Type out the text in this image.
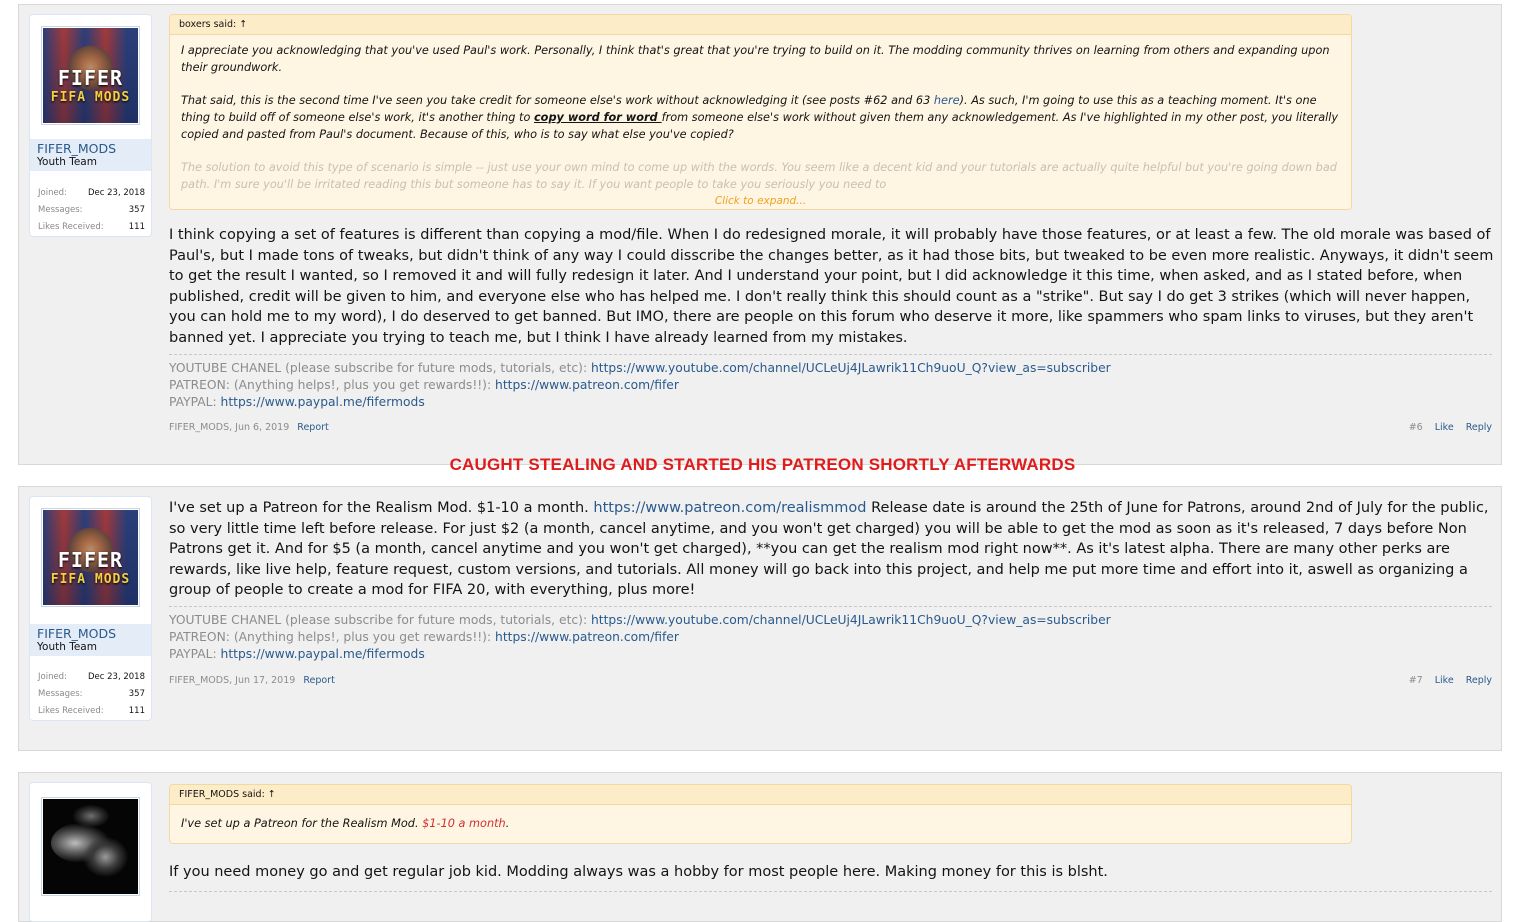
FIFER
FIFA MODS
FIFER_MODS
Youth Team
Joined: Dec 23, 2018
Messages:	357
Likes Received:	111
boxers said: ↑

I appreciate you acknowledging that you've used Paul's work. Personally, I think that's great that you're trying to build on it. The modding community thrives on learning from others and expanding upon their groundwork.

That said, this is the second time I've seen you take credit for someone else's work without acknowledging it (see posts #62 and 63 here). As such, I'm going to use this as a teaching moment. It's one thing to build off of someone else's work, it's another thing to copy word for word from someone else's work without given them any acknowledgement. As I've highlighted in my other post, you literally copied and pasted from Paul's document. Because of this, who is to say what else you've copied?

The solution to avoid this type of scenario is simple -- just use your own mind to come up with the words. You seem like a decent kid and your tutorials are actually quite helpful but you're going down bad path. I'm sure you'll be irritated reading this but someone has to say it. If you want people to take you seriously you need to

Click to expand...
I think copying a set of features is different than copying a mod/file. When I do redesigned morale, it will probably have those features, or at least a few. The old morale was based of Paul's, but I made tons of tweaks, but didn't think of any way I could disscribe the changes better, as it had those bits, but tweaked to be even more realistic. Anyways, it didn't seem to get the result I wanted, so I removed it and will fully redesign it later. And I understand your point, but I did acknowledge it this time, when asked, and as I stated before, when published, credit will be given to him, and everyone else who has helped me. I don't really think this should count as a "strike". But say I do get 3 strikes (which will never happen, you can hold me to my word), I do deserved to get banned. But IMO, there are people on this forum who deserve it more, like spammers who spam links to viruses, but they aren't banned yet. I appreciate you trying to teach me, but I think I have already learned from my mistakes.
YOUTUBE CHANEL (please subscribe for future mods, tutorials, etc): https://www.youtube.com/channel/UCLeUj4JLawrik11Ch9uoU_Q?view_as=subscriber
PATREON: (Anything helps!, plus you get rewards!!): https://www.patreon.com/fifer
PAYPAL: https://www.paypal.me/fifermods
FIFER_MODS, Jun 6, 2019 Report	#6 Like Reply
CAUGHT STEALING AND STARTED HIS PATREON SHORTLY AFTERWARDS
FIFER
FIFA MODS
FIFER_MODS
Youth Team
Joined: Dec 23, 2018
Messages:	357
Likes Received:	111
I've set up a Patreon for the Realism Mod. $1-10 a month. https://www.patreon.com/realismmod Release date is around the 25th of June for Patrons, around 2nd of July for the public, so very little time left before release. For just $2 (a month, cancel anytime, and you won't get charged) you will be able to get the mod as soon as it's released, 7 days before Non Patrons get it. And for $5 (a month, cancel anytime and you won't get charged), **you can get the realism mod right now**. As it's latest alpha. There are many other perks are rewards, like live help, feature request, custom versions, and tutorials. All money will go back into this project, and help me put more time and effort into it, aswell as organizing a group of people to create a mod for FIFA 20, with everything, plus more!
YOUTUBE CHANEL (please subscribe for future mods, tutorials, etc): https://www.youtube.com/channel/UCLeUj4JLawrik11Ch9uoU_Q?view_as=subscriber
PATREON: (Anything helps!, plus you get rewards!!): https://www.patreon.com/fifer
PAYPAL: https://www.paypal.me/fifermods
FIFER_MODS, Jun 17, 2019 Report	#7 Like Reply
FIFER_MODS said: ↑
I've set up a Patreon for the Realism Mod. $1-10 a month.
If you need money go and get regular job kid. Modding always was a hobby for most people here. Making money for this is blsht.
